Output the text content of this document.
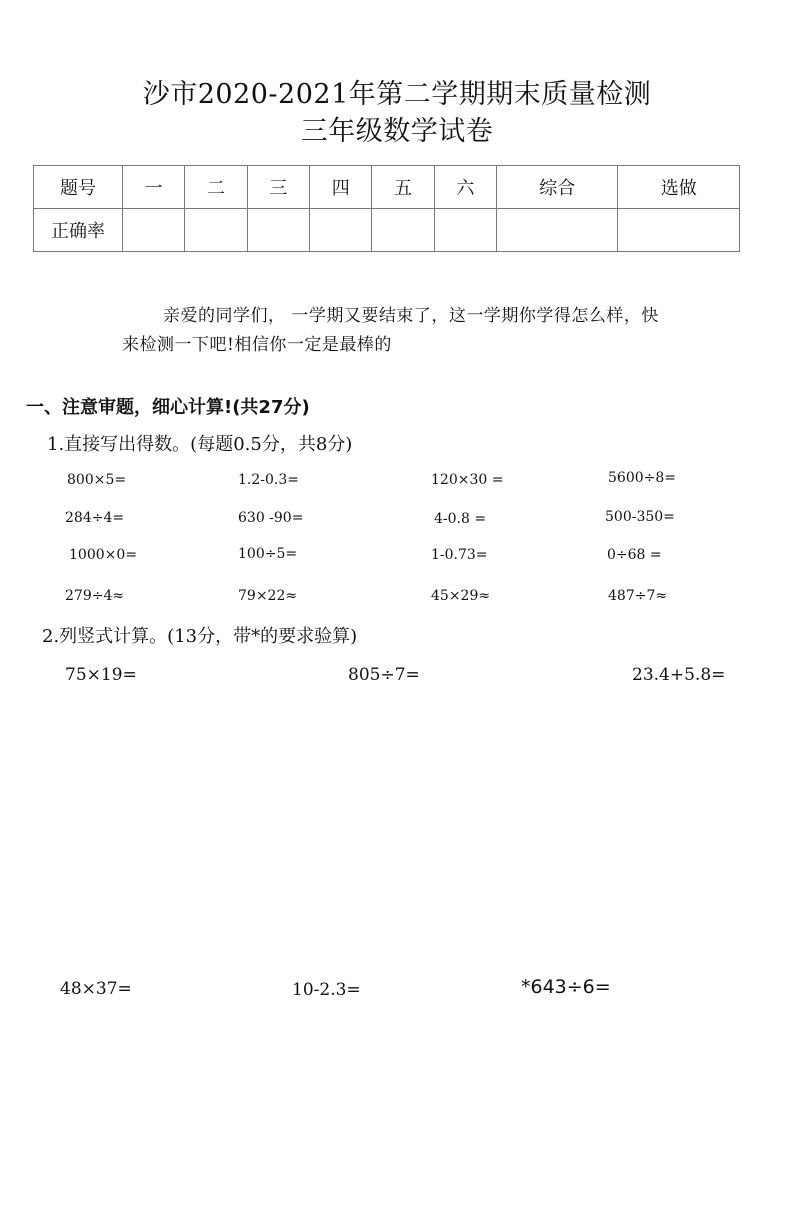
沙市2020-2021年第二学期期末质量检测
三年级数学试卷
题号	一	二	三	四	五	六	综合	选做
正确率								
亲爱的同学们， 一学期又要结束了，这一学期你学得怎么样，快
来检测一下吧!相信你一定是最棒的
一、注意审题，细心计算!(共27分)
1.直接写出得数。(每题0.5分，共8分)
800×5=	1.2-0.3=	120×30 =	5600÷8=
284÷4=	630 -90=	4-0.8 =	500-350=
1000×0=	100÷5=	1-0.73=	0÷68 =
279÷4≈	79×22≈	45×29≈	487÷7≈
2.列竖式计算。(13分，带*的要求验算)
75×19=	805÷7=	23.4+5.8=
48×37=	10-2.3=	*643÷6=
